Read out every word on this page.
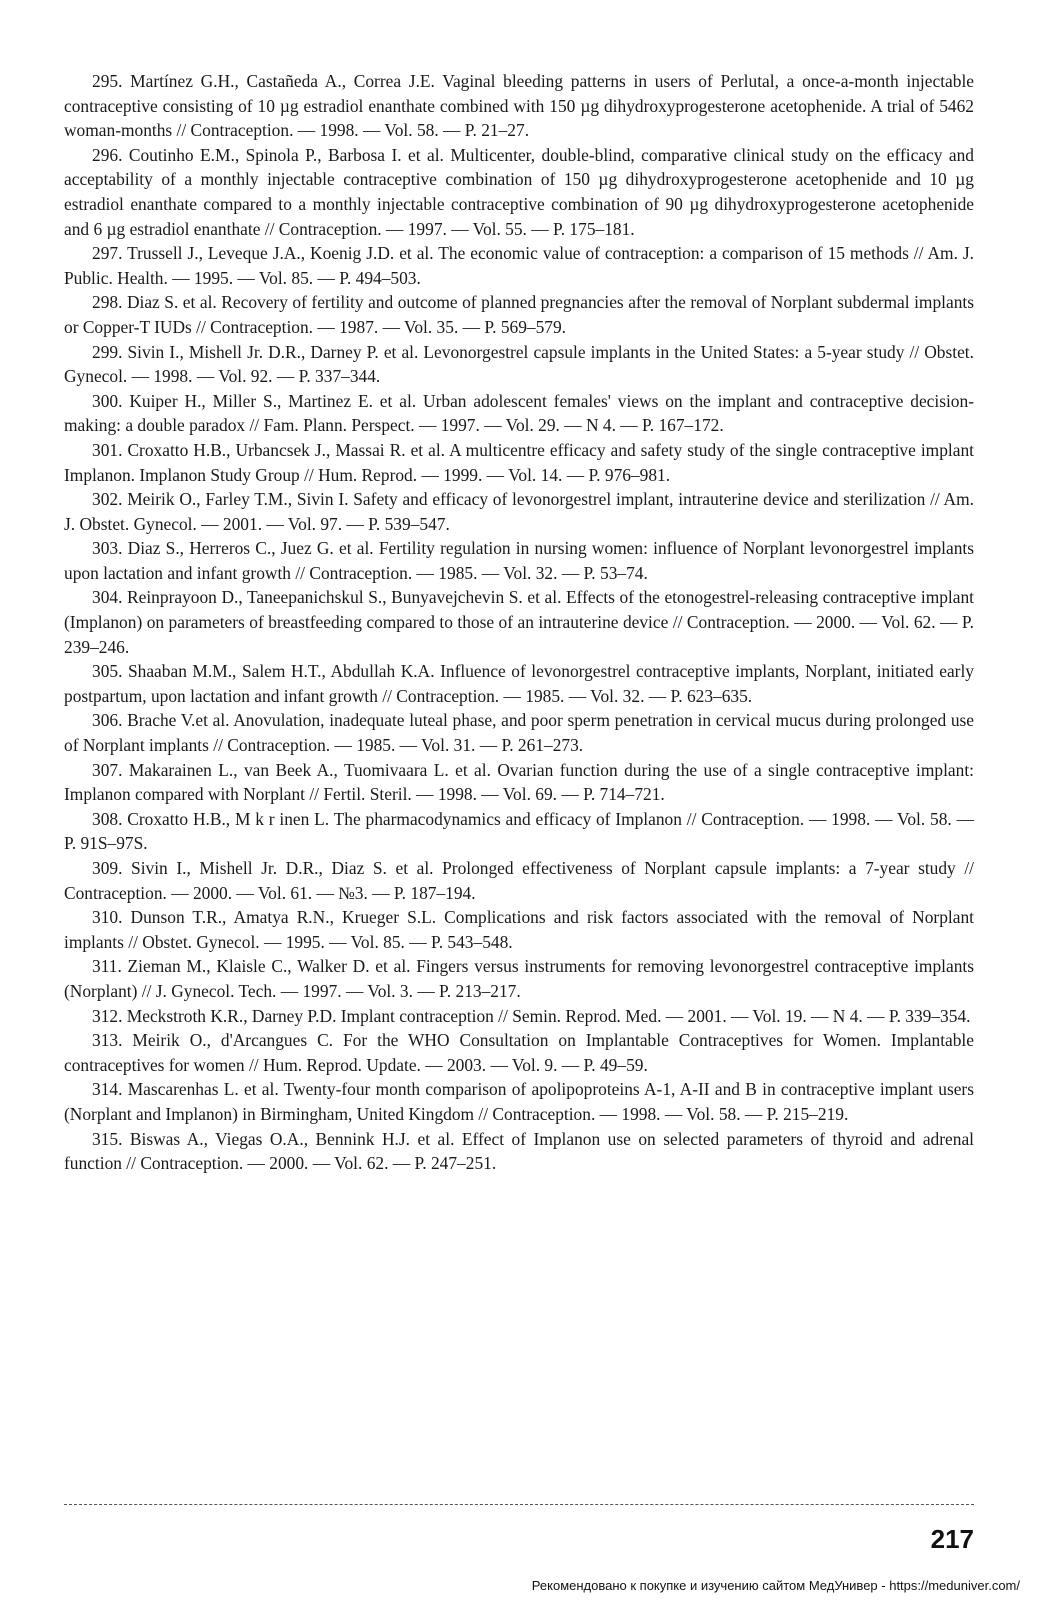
295. Martínez G.H., Castañeda A., Correa J.E. Vaginal bleeding patterns in users of Perlutal, a once-a-month injectable contraceptive consisting of 10 µg estradiol enanthate combined with 150 µg dihydroxyprogesterone acetophenide. A trial of 5462 woman-months // Contraception. — 1998. — Vol. 58. — P. 21–27.

296. Coutinho E.M., Spinola P., Barbosa I. et al. Multicenter, double-blind, comparative clinical study on the efficacy and acceptability of a monthly injectable contraceptive combination of 150 µg dihydroxyprogesterone acetophenide and 10 µg estradiol enanthate compared to a monthly injectable contraceptive combination of 90 µg dihydroxyprogesterone acetophenide and 6 µg estradiol enanthate // Contraception. — 1997. — Vol. 55. — P. 175–181.

297. Trussell J., Leveque J.A., Koenig J.D. et al. The economic value of contraception: a comparison of 15 methods // Am. J. Public. Health. — 1995. — Vol. 85. — P. 494–503.

298. Diaz S. et al. Recovery of fertility and outcome of planned pregnancies after the removal of Norplant subdermal implants or Copper-T IUDs // Contraception. — 1987. — Vol. 35. — P. 569–579.

299. Sivin I., Mishell Jr. D.R., Darney P. et al. Levonorgestrel capsule implants in the United States: a 5-year study // Obstet. Gynecol. — 1998. — Vol. 92. — P. 337–344.

300. Kuiper H., Miller S., Martinez E. et al. Urban adolescent females' views on the implant and contraceptive decision-making: a double paradox // Fam. Plann. Perspect. — 1997. — Vol. 29. — N 4. — P. 167–172.

301. Croxatto H.B., Urbancsek J., Massai R. et al. A multicentre efficacy and safety study of the single contraceptive implant Implanon. Implanon Study Group // Hum. Reprod. — 1999. — Vol. 14. — P. 976–981.

302. Meirik O., Farley T.M., Sivin I. Safety and efficacy of levonorgestrel implant, intrauterine device and sterilization // Am. J. Obstet. Gynecol. — 2001. — Vol. 97. — P. 539–547.

303. Diaz S., Herreros C., Juez G. et al. Fertility regulation in nursing women: influence of Norplant levonorgestrel implants upon lactation and infant growth // Contraception. — 1985. — Vol. 32. — P. 53–74.

304. Reinprayoon D., Taneepanichskul S., Bunyavejchevin S. et al. Effects of the etonogestrel-releasing contraceptive implant (Implanon) on parameters of breastfeeding compared to those of an intrauterine device // Contraception. — 2000. — Vol. 62. — P. 239–246.

305. Shaaban M.M., Salem H.T., Abdullah K.A. Influence of levonorgestrel contraceptive implants, Norplant, initiated early postpartum, upon lactation and infant growth // Contraception. — 1985. — Vol. 32. — P. 623–635.

306. Brache V.et al. Anovulation, inadequate luteal phase, and poor sperm penetration in cervical mucus during prolonged use of Norplant implants // Contraception. — 1985. — Vol. 31. — P. 261–273.

307. Makarainen L., van Beek A., Tuomivaara L. et al. Ovarian function during the use of a single contraceptive implant: Implanon compared with Norplant // Fertil. Steril. — 1998. — Vol. 69. — P. 714–721.

308. Croxatto H.B., M k r inen L. The pharmacodynamics and efficacy of Implanon // Contraception. — 1998. — Vol. 58. — P. 91S–97S.

309. Sivin I., Mishell Jr. D.R., Diaz S. et al. Prolonged effectiveness of Norplant capsule implants: a 7-year study // Contraception. — 2000. — Vol. 61. — №3. — P. 187–194.

310. Dunson T.R., Amatya R.N., Krueger S.L. Complications and risk factors associated with the removal of Norplant implants // Obstet. Gynecol. — 1995. — Vol. 85. — P. 543–548.

311. Zieman M., Klaisle C., Walker D. et al. Fingers versus instruments for removing levonorgestrel contraceptive implants (Norplant) // J. Gynecol. Tech. — 1997. — Vol. 3. — P. 213–217.

312. Meckstroth K.R., Darney P.D. Implant contraception // Semin. Reprod. Med. — 2001. — Vol. 19. — N 4. — P. 339–354.

313. Meirik O., d'Arcangues C. For the WHO Consultation on Implantable Contraceptives for Women. Implantable contraceptives for women // Hum. Reprod. Update. — 2003. — Vol. 9. — P. 49–59.

314. Mascarenhas L. et al. Twenty-four month comparison of apolipoproteins A-1, A-II and B in contraceptive implant users (Norplant and Implanon) in Birmingham, United Kingdom // Contraception. — 1998. — Vol. 58. — P. 215–219.

315. Biswas A., Viegas O.A., Bennink H.J. et al. Effect of Implanon use on selected parameters of thyroid and adrenal function // Contraception. — 2000. — Vol. 62. — P. 247–251.

217
Рекомендовано к покупке и изучению сайтом МедУнивер - https://meduniver.com/
